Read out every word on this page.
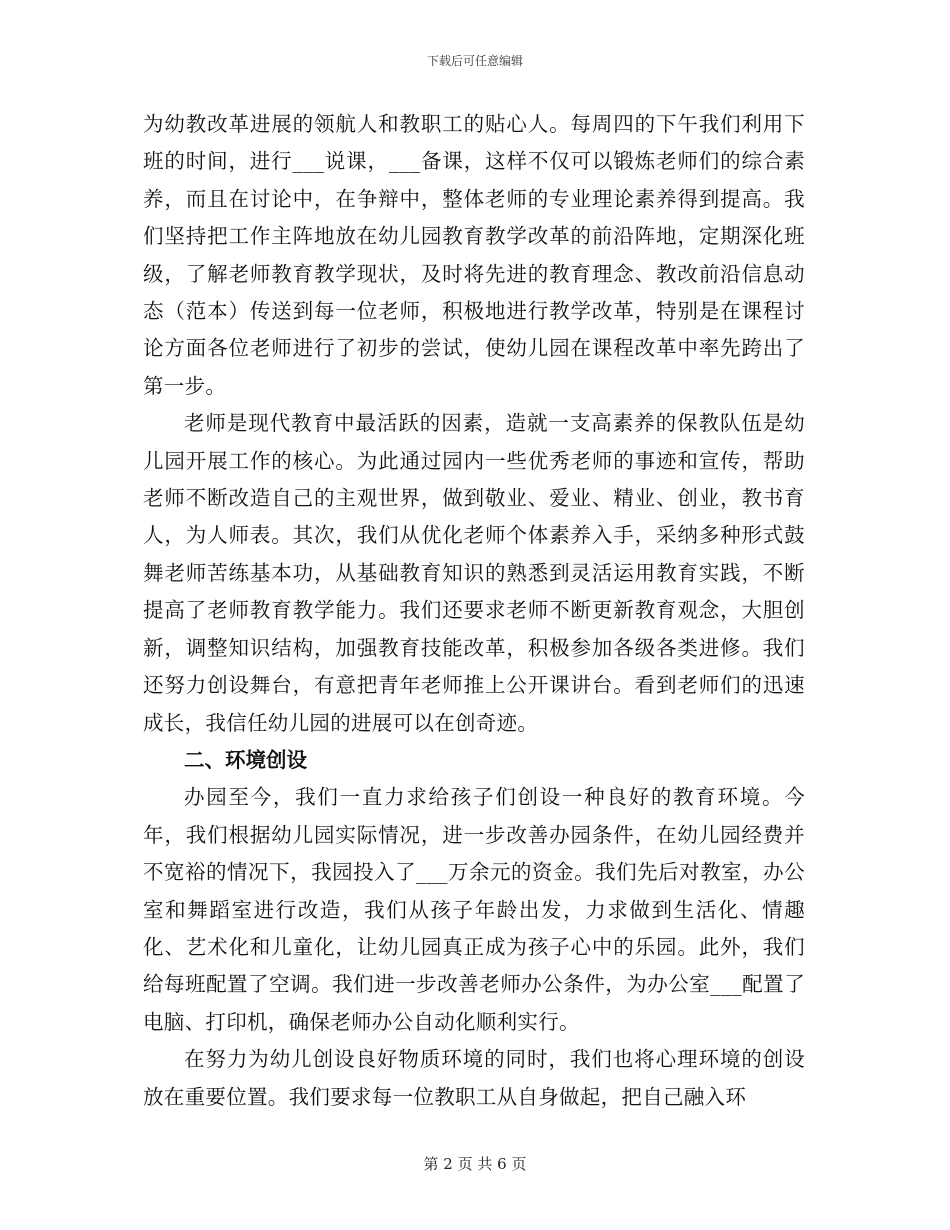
下载后可任意编辑

为幼教改革进展的领航人和教职工的贴心人。每周四的下午我们利用下班的时间，进行___说课，___备课，这样不仅可以锻炼老师们的综合素养，而且在讨论中，在争辩中，整体老师的专业理论素养得到提高。我们坚持把工作主阵地放在幼儿园教育教学改革的前沿阵地，定期深化班级，了解老师教育教学现状，及时将先进的教育理念、教改前沿信息动态（范本）传送到每一位老师，积极地进行教学改革，特别是在课程讨论方面各位老师进行了初步的尝试，使幼儿园在课程改革中率先跨出了第一步。

老师是现代教育中最活跃的因素，造就一支高素养的保教队伍是幼儿园开展工作的核心。为此通过园内一些优秀老师的事迹和宣传，帮助老师不断改造自己的主观世界，做到敬业、爱业、精业、创业，教书育人，为人师表。其次，我们从优化老师个体素养入手，采纳多种形式鼓舞老师苦练基本功，从基础教育知识的熟悉到灵活运用教育实践，不断提高了老师教育教学能力。我们还要求老师不断更新教育观念，大胆创新，调整知识结构，加强教育技能改革，积极参加各级各类进修。我们还努力创设舞台，有意把青年老师推上公开课讲台。看到老师们的迅速成长，我信任幼儿园的进展可以在创奇迹。

二、环境创设

办园至今，我们一直力求给孩子们创设一种良好的教育环境。今年，我们根据幼儿园实际情况，进一步改善办园条件，在幼儿园经费并不宽裕的情况下，我园投入了___万余元的资金。我们先后对教室，办公室和舞蹈室进行改造，我们从孩子年龄出发，力求做到生活化、情趣化、艺术化和儿童化，让幼儿园真正成为孩子心中的乐园。此外，我们给每班配置了空调。我们进一步改善老师办公条件，为办公室___配置了电脑、打印机，确保老师办公自动化顺利实行。

在努力为幼儿创设良好物质环境的同时，我们也将心理环境的创设放在重要位置。我们要求每一位教职工从自身做起，把自己融入环

第 2 页 共 6 页
